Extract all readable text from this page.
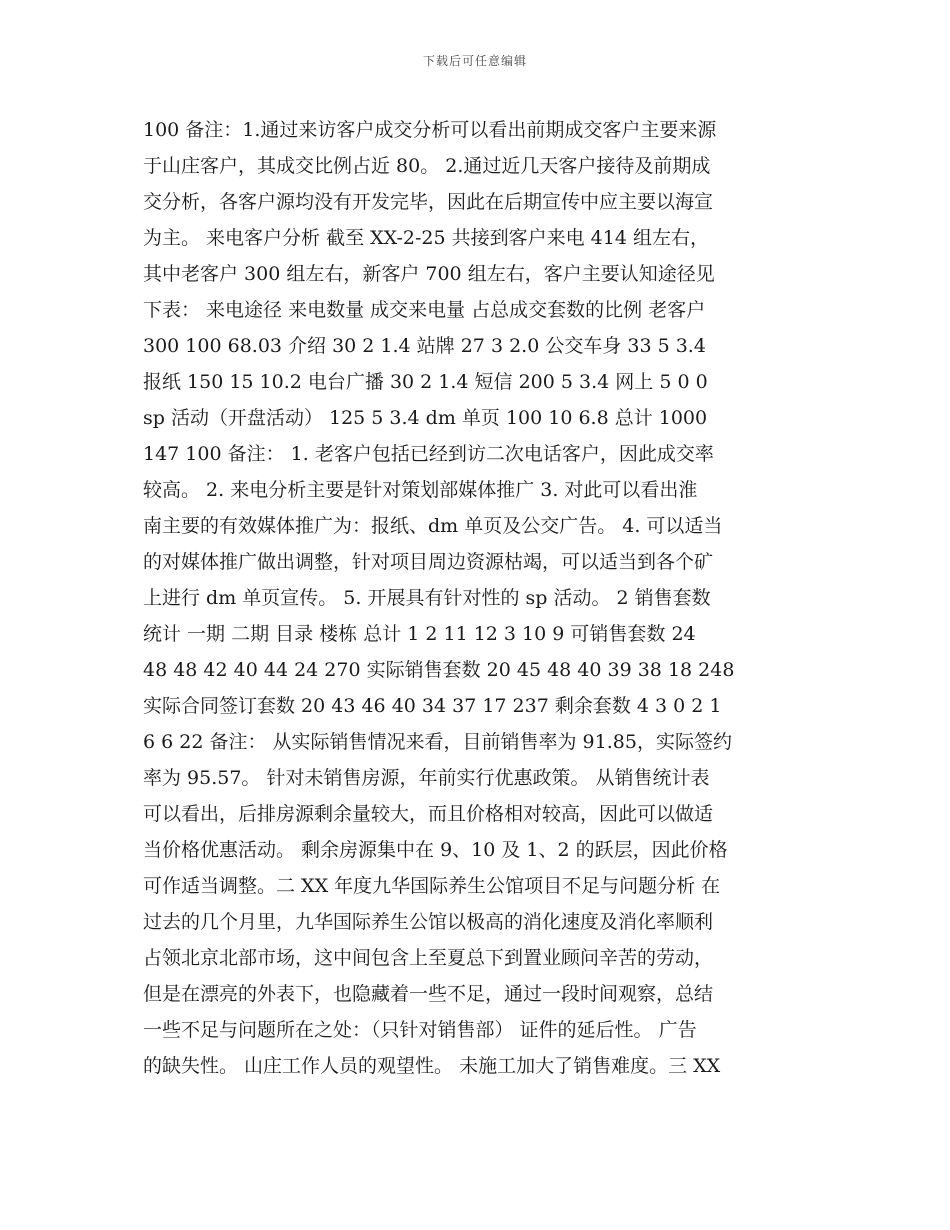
下载后可任意编辑
100 备注：1.通过来访客户成交分析可以看出前期成交客户主要来源
于山庄客户，其成交比例占近 80。 2.通过近几天客户接待及前期成
交分析，各客户源均没有开发完毕，因此在后期宣传中应主要以海宣
为主。 来电客户分析 截至 XX-2-25 共接到客户来电 414 组左右，
其中老客户 300 组左右，新客户 700 组左右，客户主要认知途径见
下表： 来电途径 来电数量 成交来电量 占总成交套数的比例 老客户
300 100 68.03 介绍 30 2 1.4 站牌 27 3 2.0 公交车身 33 5 3.4
报纸 150 15 10.2 电台广播 30 2 1.4 短信 200 5 3.4 网上 5 0 0
sp 活动（开盘活动） 125 5 3.4 dm 单页 100 10 6.8 总计 1000
147 100 备注： 1. 老客户包括已经到访二次电话客户，因此成交率
较高。 2. 来电分析主要是针对策划部媒体推广 3. 对此可以看出淮
南主要的有效媒体推广为：报纸、dm 单页及公交广告。 4. 可以适当
的对媒体推广做出调整，针对项目周边资源枯竭，可以适当到各个矿
上进行 dm 单页宣传。 5. 开展具有针对性的 sp 活动。 2 销售套数
统计 一期 二期 目录 楼栋 总计 1 2 11 12 3 10 9 可销售套数 24
48 48 42 40 44 24 270 实际销售套数 20 45 48 40 39 38 18 248
实际合同签订套数 20 43 46 40 34 37 17 237 剩余套数 4 3 0 2 1
6 6 22 备注： 从实际销售情况来看，目前销售率为 91.85，实际签约
率为 95.57。 针对未销售房源，年前实行优惠政策。 从销售统计表
可以看出，后排房源剩余量较大，而且价格相对较高，因此可以做适
当价格优惠活动。 剩余房源集中在 9、10 及 1、2 的跃层，因此价格
可作适当调整。二 XX 年度九华国际养生公馆项目不足与问题分析 在
过去的几个月里，九华国际养生公馆以极高的消化速度及消化率顺利
占领北京北部市场，这中间包含上至夏总下到置业顾问辛苦的劳动，
但是在漂亮的外表下，也隐藏着一些不足，通过一段时间观察，总结
一些不足与问题所在之处：（只针对销售部） 证件的延后性。 广告
的缺失性。 山庄工作人员的观望性。 未施工加大了销售难度。三 XX
